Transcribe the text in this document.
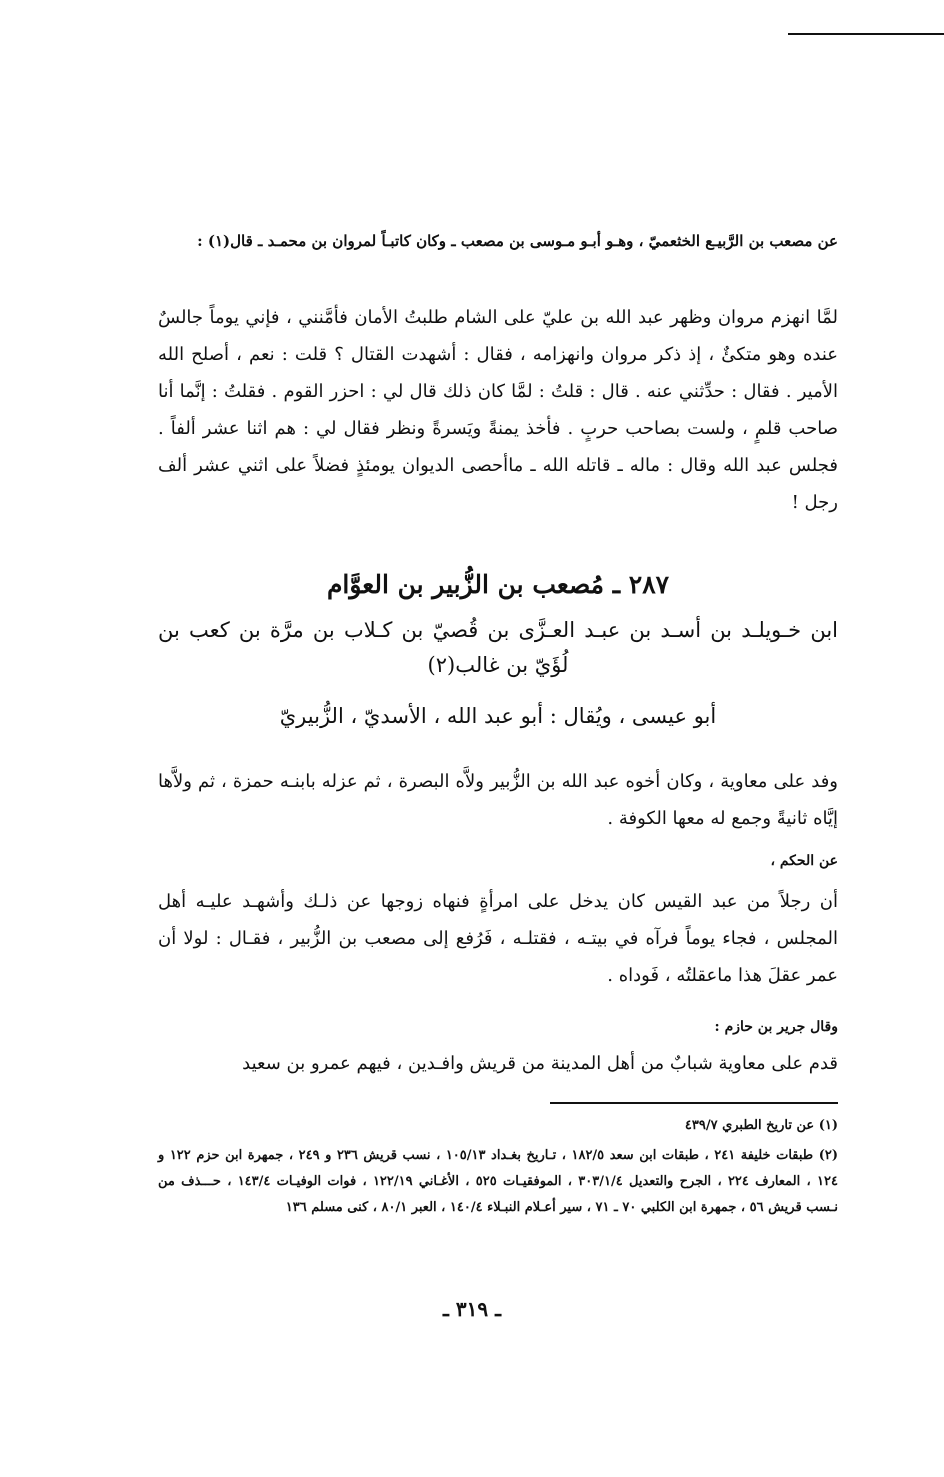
عن مصعب بن الرَّبيـع الخثعميّ ، وهـو أبـو مـوسى بن مصعب ـ وكان كاتبـاً لمروان بن محمـد ـ قال(١) :
لمَّا انهزم مروان وظهر عبد الله بن عليّ على الشام طلبتُ الأمان فأمَّنني ، فإني يوماً جالسٌ عنده وهو متكئٌ ، إذ ذكر مروان وانهزامه ، فقال : أشهدت القتال ؟ قلت : نعم ، أصلح الله الأمير . فقال : حدِّثني عنه . قال : قلتُ : لمَّا كان ذلك قال لي : احزر القوم . فقلتُ : إنَّما أنا صاحب قلمٍ ، ولست بصاحب حربٍ . فأخذ يمنةً ويَسرةً ونظر فقال لي : هم اثنا عشر ألفاً . فجلس عبد الله وقال : ماله ـ قاتله الله ـ ماأحصى الديوان يومئذٍ فضلاً على اثني عشر ألف رجل !
٢٨٧ ـ مُصعب بن الزُّبير بن العوَّام
ابن خـويلـد بن أسـد بن عبـد العـزَّى بن قُصيّ بن كـلاب بن مرَّة بن كعب بن لُؤَيّ بن غالب(٢)
أبو عيسى ، ويُقال : أبو عبد الله ، الأسديّ ، الزُّبيريّ
وفد على معاوية ، وكان أخوه عبد الله بن الزُّبير ولاَّه البصرة ، ثم عزله بابنـه حمزة ، ثم ولاَّها إيَّاه ثانيةً وجمع له معها الكوفة .
عن الحكم ،
أن رجلاً من عبد القيس كان يدخل على امرأةٍ فنهاه زوجها عن ذلـك وأشهـد عليـه أهل المجلس ، فجاء يوماً فرآه في بيتـه ، فقتلـه ، فَرُفع إلى مصعب بن الزُّبير ، فقـال : لولا أن عمر عقلَ هذا ماعقلتُه ، فَوداه .
وقال جرير بن حازم :
قدم على معاوية شبابٌ من أهل المدينة من قريش وافـدين ، فيهم عمرو بن سعيد

(١) عن تاريخ الطبري ٤٣٩/٧

(٢) طبقات خليفة ٢٤١ ، طبقات ابن سعد ١٨٢/٥ ، تـاريخ بغـداد ١٠٥/١٣ ، نسب قريش ٢٣٦ و ٢٤٩ ، جمهرة ابن حزم ١٢٢ و ١٢٤ ، المعارف ٢٢٤ ، الجرح والتعديل ٣٠٣/١/٤ ، الموفقيـات ٥٢٥ ، الأغـاني ١٢٢/١٩ ، فوات الوفيـات ١٤٣/٤ ، حـــذف من نـسب قريش ٥٦ ، جمهرة ابن الكلبي ٧٠ ـ ٧١ ، سير أعـلام النبـلاء ١٤٠/٤ ، العبر ٨٠/١ ، كنى مسلم ١٣٦

ـ ٣١٩ ـ
